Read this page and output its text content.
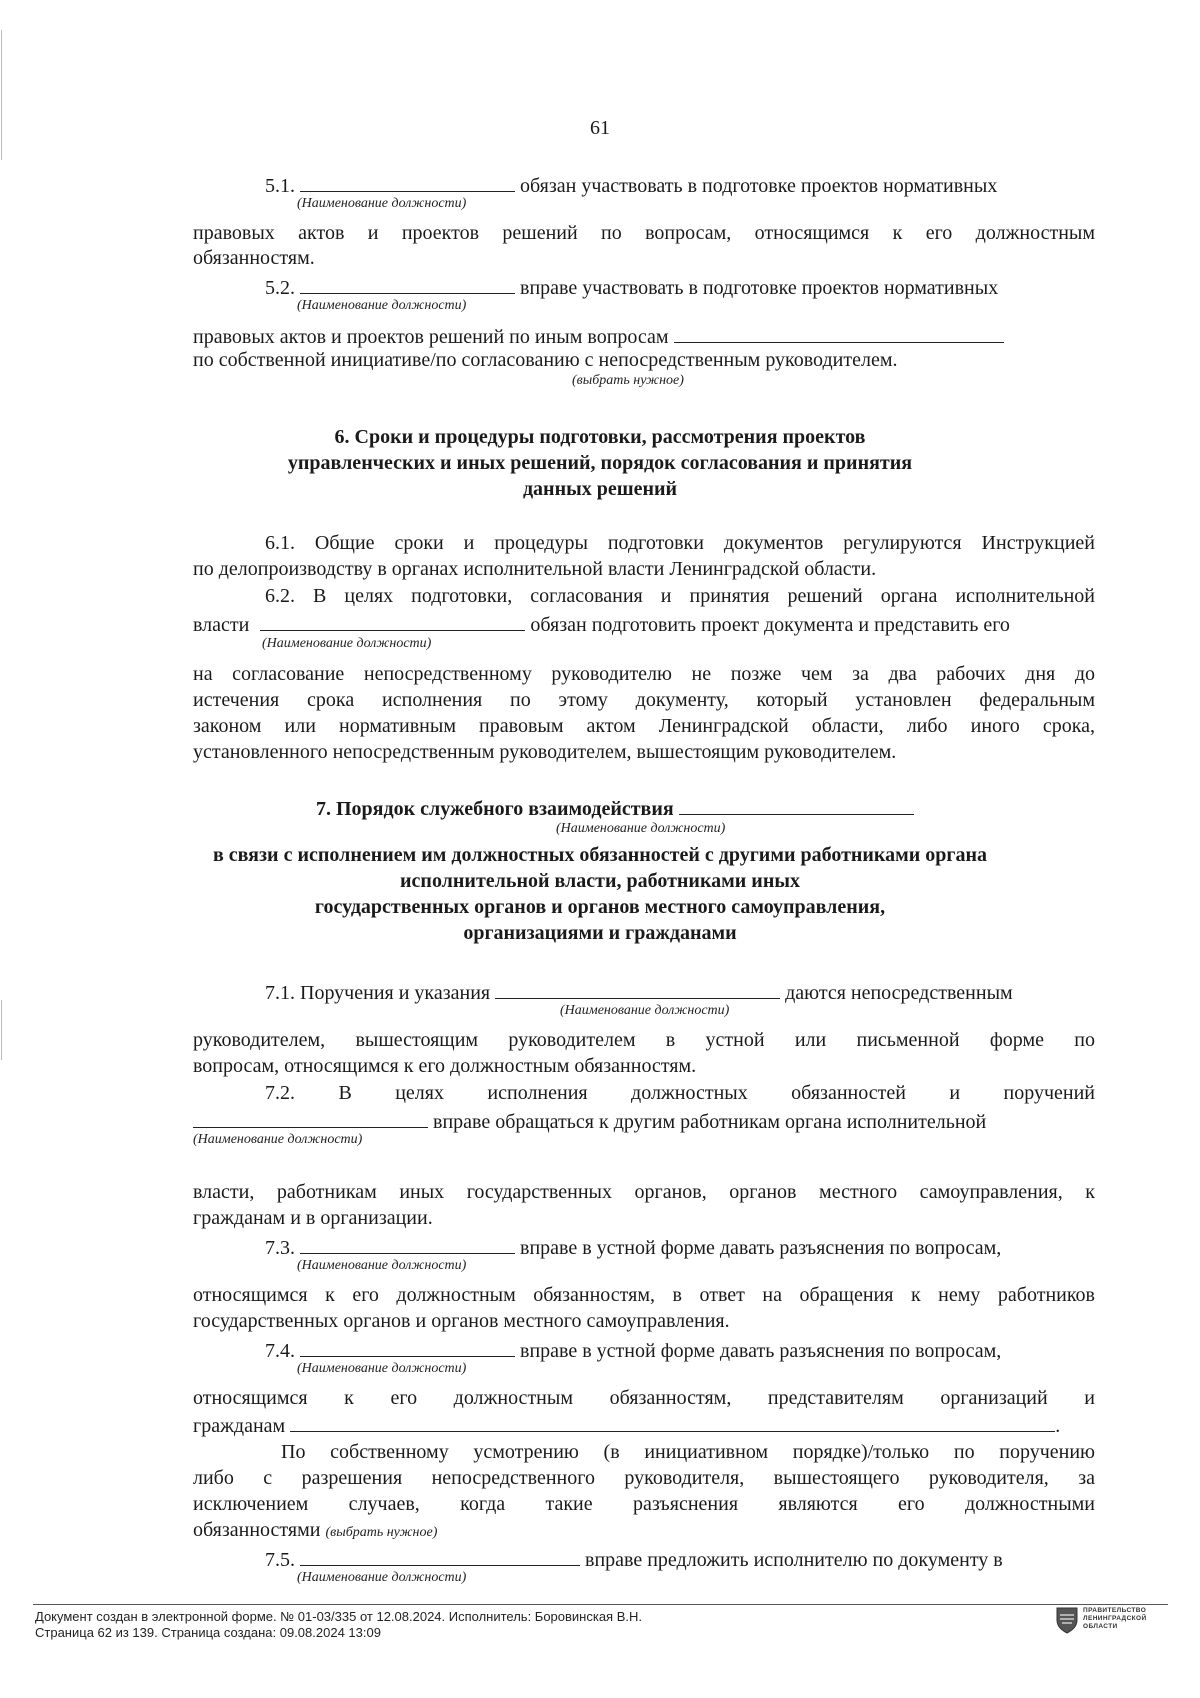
61
5.1.	обязан участвовать в подготовке проектов нормативных
(Наименование должности)
правовых актов и проектов решений по вопросам, относящимся к его должностным
обязанностям.
5.2.	вправе участвовать в подготовке проектов нормативных
(Наименование должности)
правовых актов и проектов решений по иным вопросам
по собственной инициативе/по согласованию с непосредственным руководителем.
(выбрать нужное)
6. Сроки и процедуры подготовки, рассмотрения проектов
управленческих и иных решений, порядок согласования и принятия
данных решений
6.1. Общие сроки и процедуры подготовки документов регулируются Инструкцией
по делопроизводству в органах исполнительной власти Ленинградской области.
6.2. В целях подготовки, согласования и принятия решений органа исполнительной
власти	обязан подготовить проект документа и представить его
(Наименование должности)
на согласование непосредственному руководителю не позже чем за два рабочих дня до
истечения срока исполнения по этому документу, который установлен федеральным
законом или нормативным правовым актом Ленинградской области, либо иного срока,
установленного непосредственным руководителем, вышестоящим руководителем.
7. Порядок служебного взаимодействия
(Наименование должности)
в связи с исполнением им должностных обязанностей с другими работниками органа
исполнительной власти, работниками иных
государственных органов и органов местного самоуправления,
организациями и гражданами
7.1. Поручения и указания	даются непосредственным
(Наименование должности)
руководителем, вышестоящим руководителем в устной или письменной форме по
вопросам, относящимся к его должностным обязанностям.
7.2. В целях исполнения должностных обязанностей и поручений
вправе обращаться к другим работникам органа исполнительной
(Наименование должности)
власти, работникам иных государственных органов, органов местного самоуправления, к
гражданам и в организации.
7.3.	вправе в устной форме давать разъяснения по вопросам,
(Наименование должности)
относящимся к его должностным обязанностям, в ответ на обращения к нему работников
государственных органов и органов местного самоуправления.
7.4.	вправе в устной форме давать разъяснения по вопросам,
(Наименование должности)
относящимся к его должностным обязанностям, представителям организаций и
гражданам	.
По собственному усмотрению (в инициативном порядке)/только по поручению
либо с разрешения непосредственного руководителя, вышестоящего руководителя, за
исключением случаев, когда такие разъяснения являются его должностными
обязанностями (выбрать нужное)
7.5.	вправе предложить исполнителю по документу в
(Наименование должности)
Документ создан в электронной форме. № 01-03/335 от 12.08.2024. Исполнитель: Боровинская В.Н.
Страница 62 из 139. Страница создана: 09.08.2024 13:09
ПРАВИТЕЛЬСТВО
ЛЕНИНГРАДСКОЙ
ОБЛАСТИ
